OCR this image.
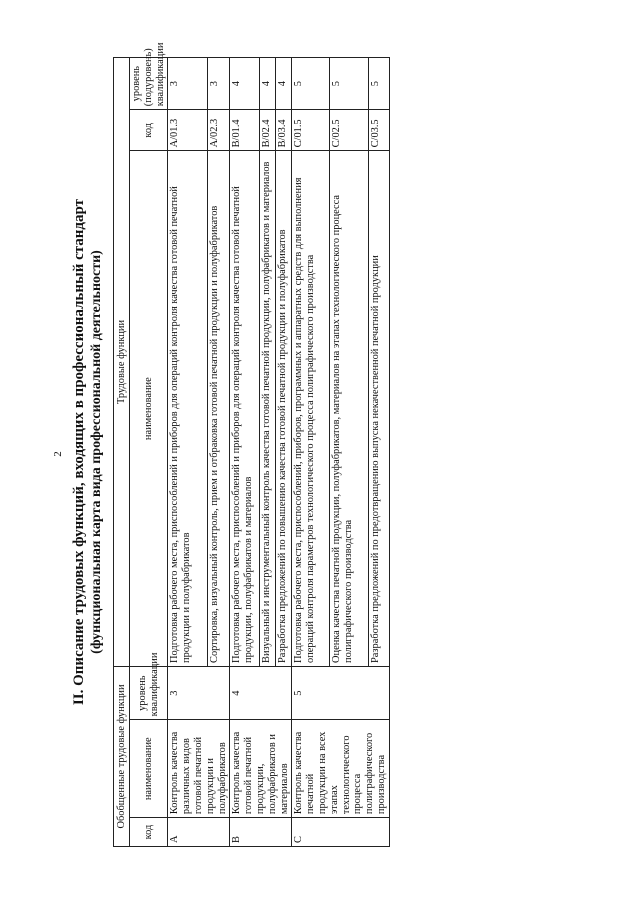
2 II. Описание трудовых функций, входящих в профессиональный стандарт (функциональная карта вида профессиональной деятельности)
Обобщенные трудовые функции			Трудовые функции		
код	наименование	уровень квалификации	наименование	код	уровень (подуровень) квалификации
A	Контроль качества различных видов готовой печатной продукции и полуфабрикатов	3	Подготовка рабочего места, приспособлений и приборов для операций контроля качества готовой печатной продукции и полуфабрикатов	A/01.3	3
			Сортировка, визуальный контроль, прием и отбраковка готовой печатной продукции и полуфабрикатов	A/02.3	3
B	Контроль качества готовой печатной продукции, полуфабрикатов и материалов	4	Подготовка рабочего места, приспособлений и приборов для операций контроля качества готовой печатной продукции, полуфабрикатов и материалов	B/01.4	4
			Визуальный и инструментальный контроль качества готовой печатной продукции, полуфабрикатов и материалов	B/02.4	4
			Разработка предложений по повышению качества готовой печатной продукции и полуфабрикатов	B/03.4	4
C	Контроль качества печатной продукции на всех этапах технологического процесса полиграфического производства	5	Подготовка рабочего места, приспособлений, приборов, программных и аппаратных средств для выполнения операций контроля параметров технологического процесса полиграфического производства	C/01.5	5
			Оценка качества печатной продукции, полуфабрикатов, материалов на этапах технологического процесса полиграфического производства	C/02.5	5
			Разработка предложений по предотвращению выпуска некачественной печатной продукции	C/03.5	5
